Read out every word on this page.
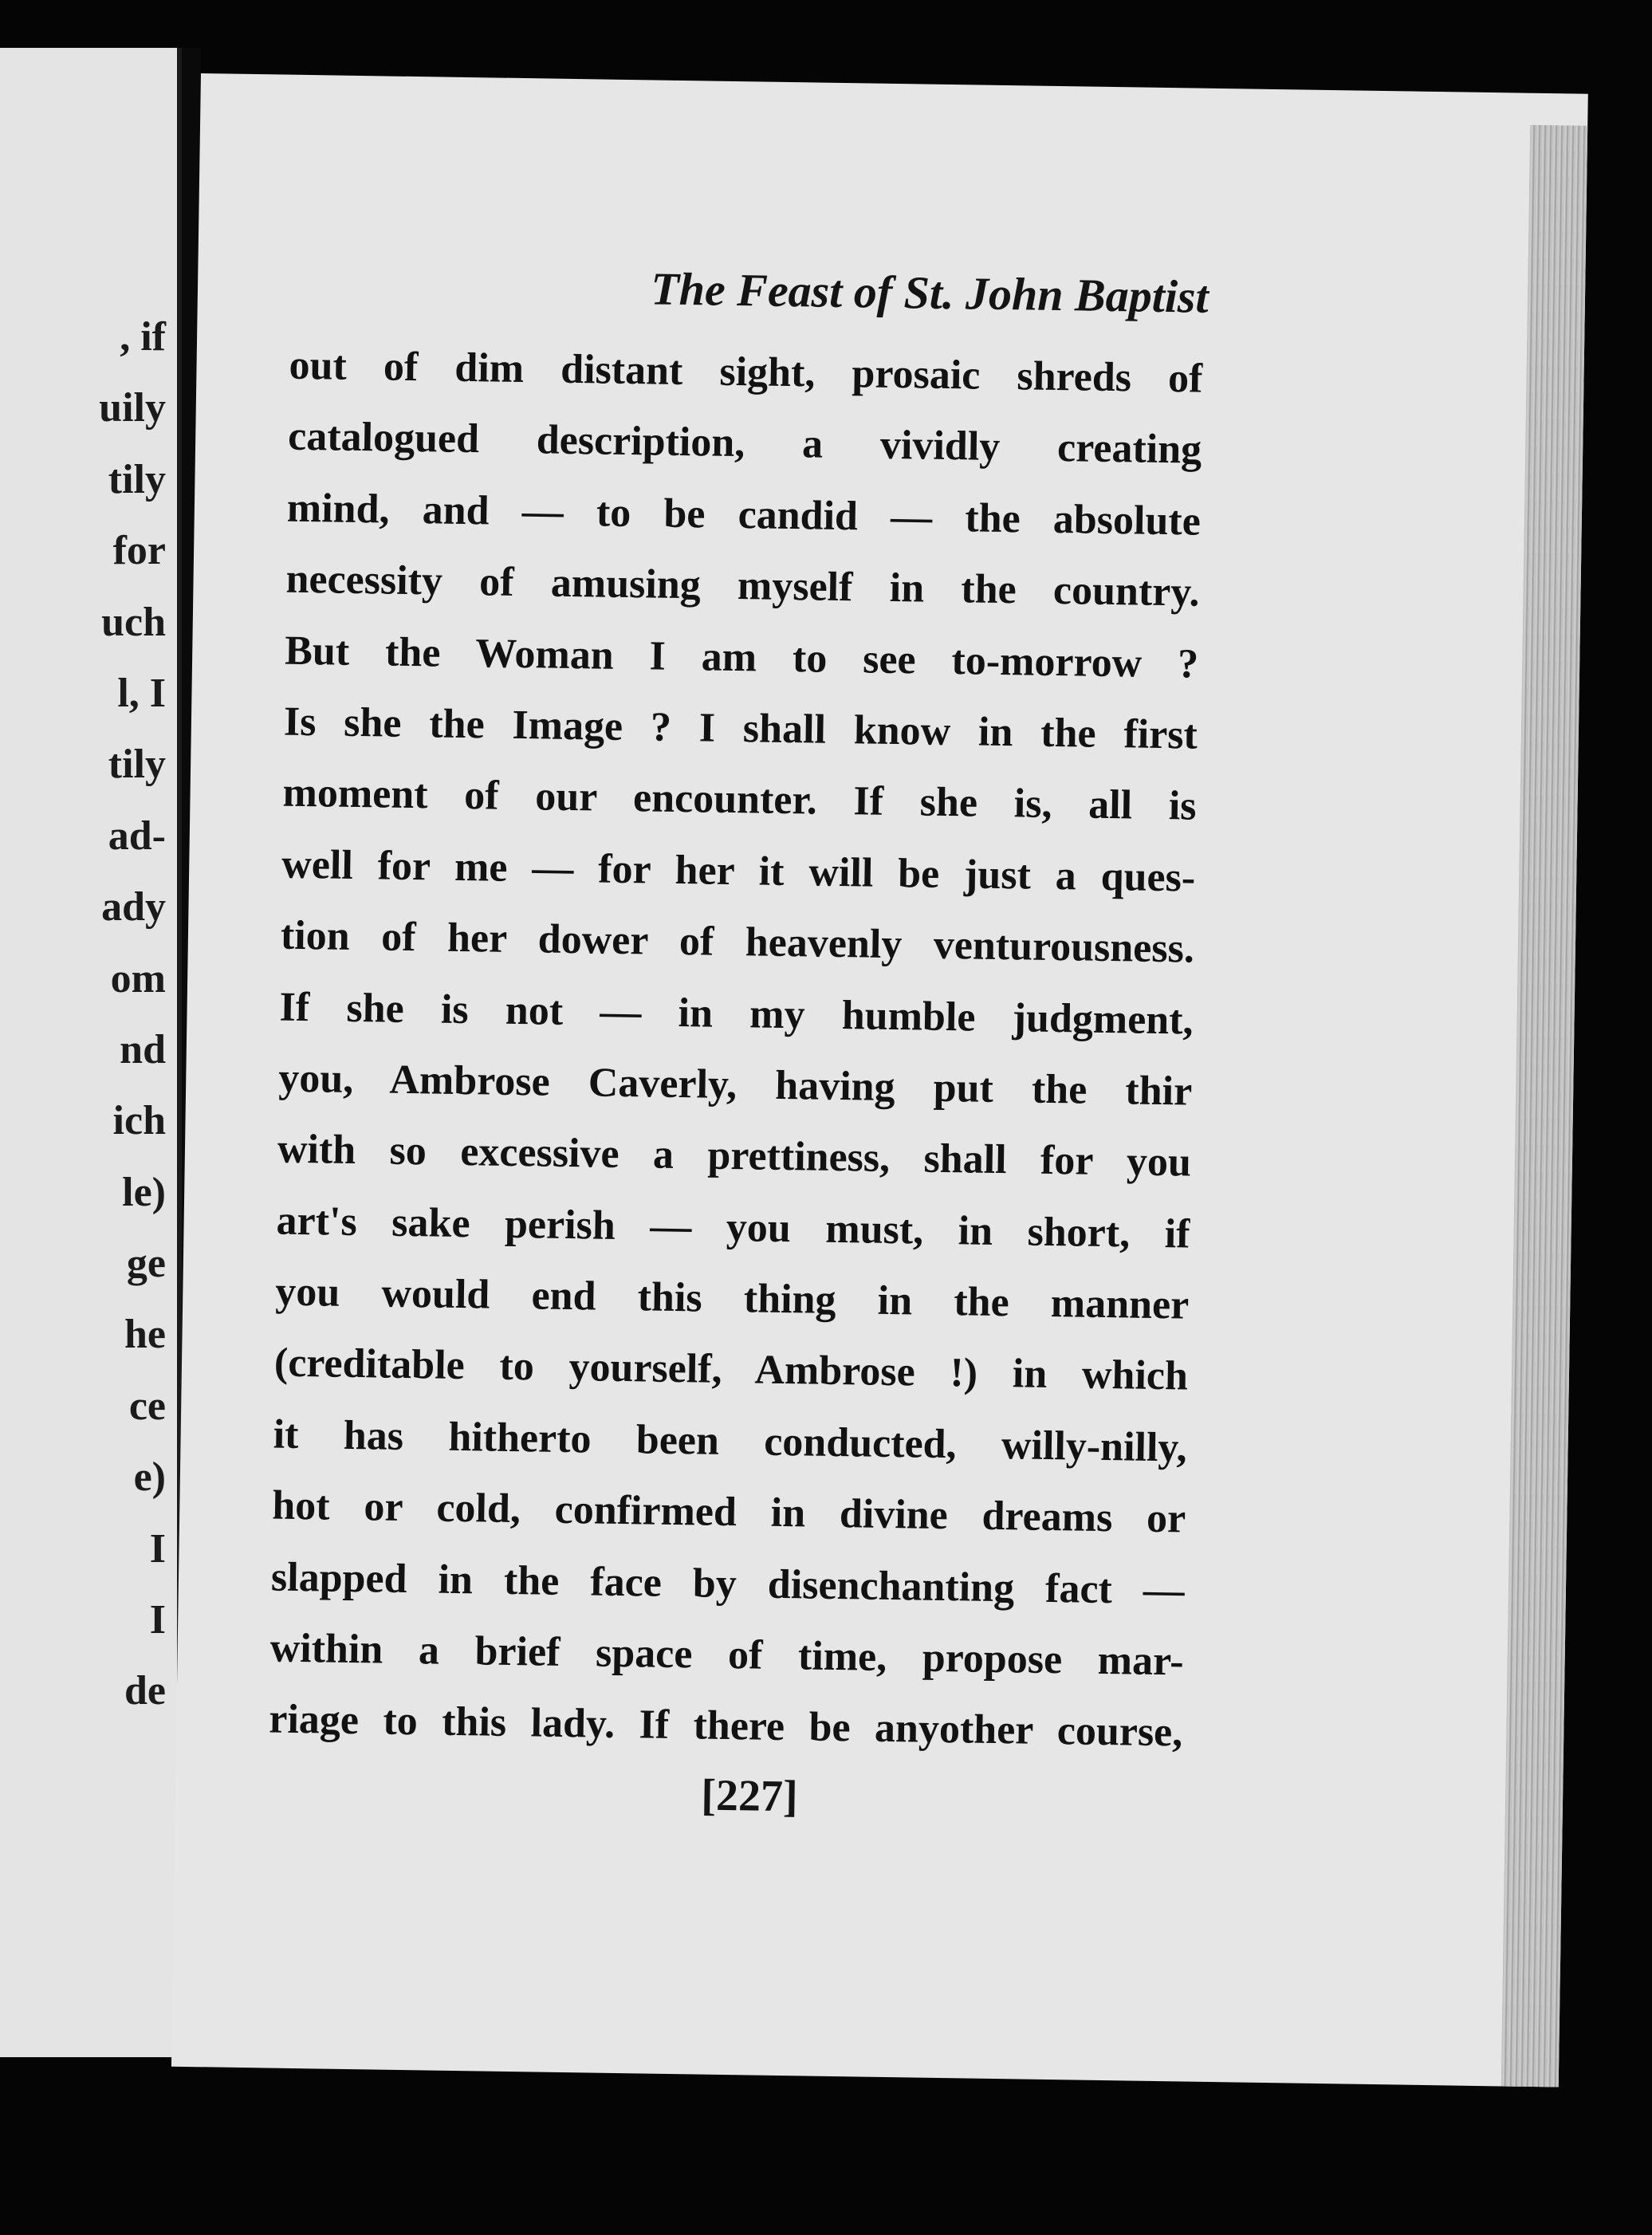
, if
uily
tily
for
uch
l, I
tily
ad-
ady
om
nd
ich
le)
ge
he
ce
e)
I
I
de
The Feast of St. John Baptist
out of dim distant sight, prosaic shreds of
catalogued description, a vividly creating
mind, and — to be candid — the absolute
necessity of amusing myself in the country.
But the Woman I am to see to-morrow ?
Is she the Image ? I shall know in the first
moment of our encounter. If she is, all is
well for me — for her it will be just a ques-
tion of her dower of heavenly venturousness.
If she is not — in my humble judgment,
you, Ambrose Caverly, having put the thir
with so excessive a prettiness, shall for you
art's sake perish — you must, in short, if
you would end this thing in the manner
(creditable to yourself, Ambrose !) in which
it has hitherto been conducted, willy-nilly,
hot or cold, confirmed in divine dreams or
slapped in the face by disenchanting fact —
within a brief space of time, propose mar-
riage to this lady. If there be anyother course,

[227]
